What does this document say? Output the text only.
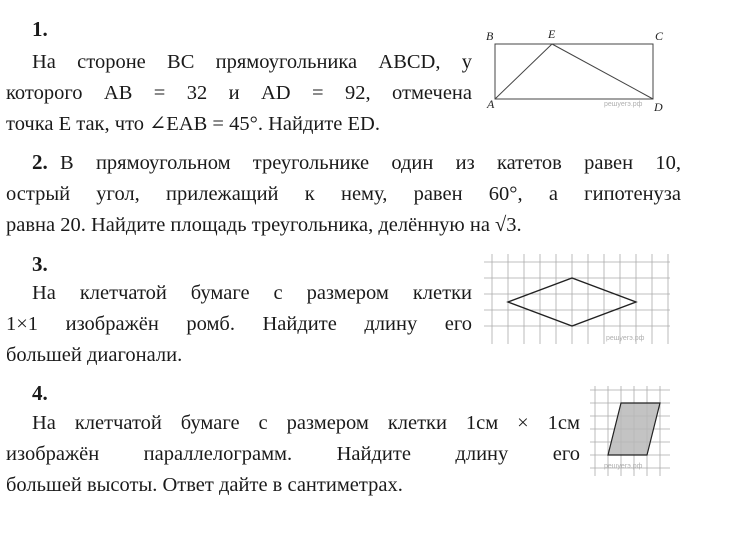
1.
На стороне ВС прямоугольника ABCD, у
которого AB = 32 и AD = 92, отмечена
точка E так, что ∠EAB = 45°. Найдите ED.
B	E	C
A	D
решуегэ.рф
2. В прямоугольном треугольнике один из катетов равен 10,
острый угол, прилежащий к нему, равен 60°, а гипотенуза
равна 20. Найдите площадь треугольника, делённую на √3.
3.
На клетчатой бумаге с размером клетки
1×1 изображён ромб. Найдите длину его
большей диагонали.
решуегэ.рф
4.
На клетчатой бумаге с размером клетки 1см × 1см
изображён параллелограмм. Найдите длину его
большей высоты. Ответ дайте в сантиметрах.
решуегэ.рф
